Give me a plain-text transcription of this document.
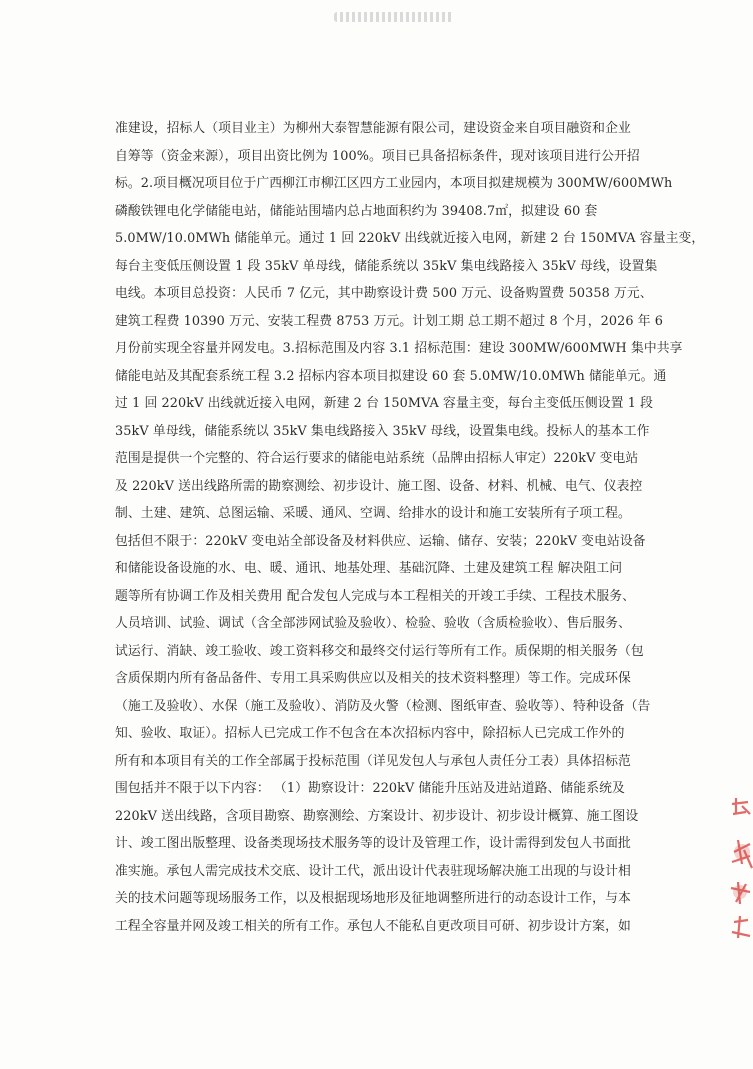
准建设，招标人（项目业主）为柳州大泰智慧能源有限公司，建设资金来自项目融资和企业
自筹等（资金来源），项目出资比例为 100%。项目已具备招标条件，现对该项目进行公开招
标。2.项目概况项目位于广西柳江市柳江区四方工业园内，本项目拟建规模为 300MW/600MWh
磷酸铁锂电化学储能电站，储能站围墙内总占地面积约为 39408.7㎡，拟建设 60 套
5.0MW/10.0MWh 储能单元。通过 1 回 220kV 出线就近接入电网，新建 2 台 150MVA 容量主变，
每台主变低压侧设置 1 段 35kV 单母线，储能系统以 35kV 集电线路接入 35kV 母线，设置集
电线。本项目总投资：人民币 7 亿元，其中勘察设计费 500 万元、设备购置费 50358 万元、
建筑工程费 10390 万元、安装工程费 8753 万元。计划工期 总工期不超过 8 个月，2026 年 6
月份前实现全容量并网发电。3.招标范围及内容 3.1 招标范围：建设 300MW/600MWH 集中共享
储能电站及其配套系统工程 3.2 招标内容本项目拟建设 60 套 5.0MW/10.0MWh 储能单元。通
过 1 回 220kV 出线就近接入电网，新建 2 台 150MVA 容量主变，每台主变低压侧设置 1 段
35kV 单母线，储能系统以 35kV 集电线路接入 35kV 母线，设置集电线。投标人的基本工作
范围是提供一个完整的、符合运行要求的储能电站系统（品牌由招标人审定）220kV 变电站
及 220kV 送出线路所需的勘察测绘、初步设计、施工图、设备、材料、机械、电气、仪表控
制、土建、建筑、总图运输、采暖、通风、空调、给排水的设计和施工安装所有子项工程。
包括但不限于：220kV 变电站全部设备及材料供应、运输、储存、安装；220kV 变电站设备
和储能设备设施的水、电、暖、通讯、地基处理、基础沉降、土建及建筑工程 解决阻工问
题等所有协调工作及相关费用 配合发包人完成与本工程相关的开竣工手续、工程技术服务、
人员培训、试验、调试（含全部涉网试验及验收）、检验、验收（含质检验收）、售后服务、
试运行、消缺、竣工验收、竣工资料移交和最终交付运行等所有工作。质保期的相关服务（包
含质保期内所有备品备件、专用工具采购供应以及相关的技术资料整理）等工作。完成环保
（施工及验收）、水保（施工及验收）、消防及火警（检测、图纸审查、验收等）、特种设备（告
知、验收、取证）。招标人已完成工作不包含在本次招标内容中，除招标人已完成工作外的
所有和本项目有关的工作全部属于投标范围（详见发包人与承包人责任分工表）具体招标范
围包括并不限于以下内容： （1）勘察设计：220kV 储能升压站及进站道路、储能系统及
220kV 送出线路，含项目勘察、勘察测绘、方案设计、初步设计、初步设计概算、施工图设
计、竣工图出版整理、设备类现场技术服务等的设计及管理工作，设计需得到发包人书面批
准实施。承包人需完成技术交底、设计工代，派出设计代表驻现场解决施工出现的与设计相
关的技术问题等现场服务工作，以及根据现场地形及征地调整所进行的动态设计工作，与本
工程全容量并网及竣工相关的所有工作。承包人不能私自更改项目可研、初步设计方案，如
